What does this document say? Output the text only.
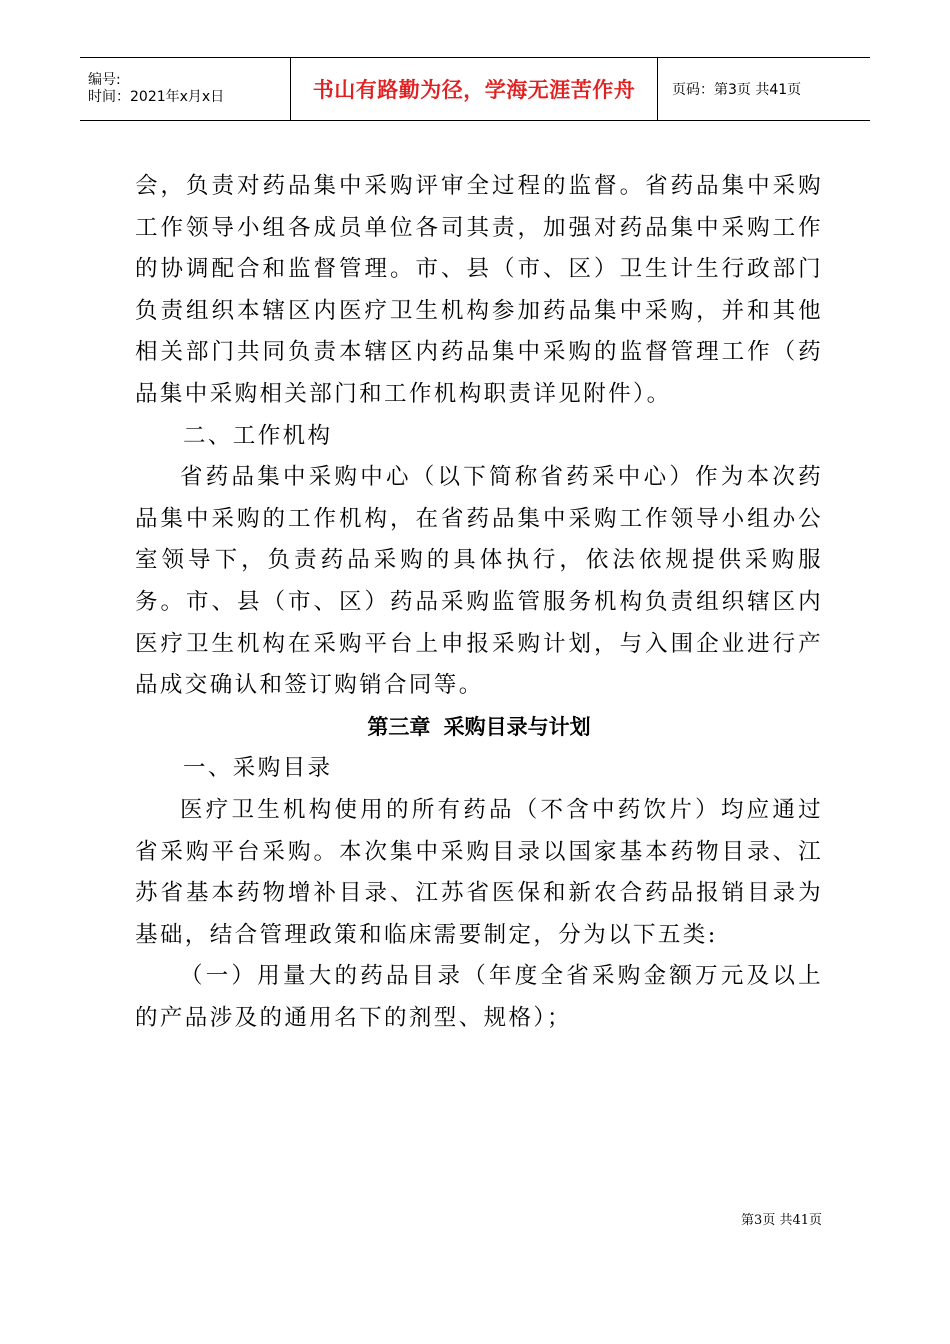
编号:
时间：2021年x月x日	书山有路勤为径，学海无涯苦作舟	页码：第3页 共41页

会，负责对药品集中采购评审全过程的监督。省药品集中采购工作领导小组各成员单位各司其责，加强对药品集中采购工作的协调配合和监督管理。市、县（市、区）卫生计生行政部门负责组织本辖区内医疗卫生机构参加药品集中采购，并和其他相关部门共同负责本辖区内药品集中采购的监督管理工作（药品集中采购相关部门和工作机构职责详见附件）。

二、工作机构

省药品集中采购中心（以下简称省药采中心）作为本次药品集中采购的工作机构，在省药品集中采购工作领导小组办公室领导下，负责药品采购的具体执行，依法依规提供采购服务。市、县（市、区）药品采购监管服务机构负责组织辖区内医疗卫生机构在采购平台上申报采购计划，与入围企业进行产品成交确认和签订购销合同等。

第三章 采购目录与计划

一、采购目录

医疗卫生机构使用的所有药品（不含中药饮片）均应通过省采购平台采购。本次集中采购目录以国家基本药物目录、江苏省基本药物增补目录、江苏省医保和新农合药品报销目录为基础，结合管理政策和临床需要制定，分为以下五类:

（一）用量大的药品目录（年度全省采购金额万元及以上的产品涉及的通用名下的剂型、规格）；

第3页 共41页
